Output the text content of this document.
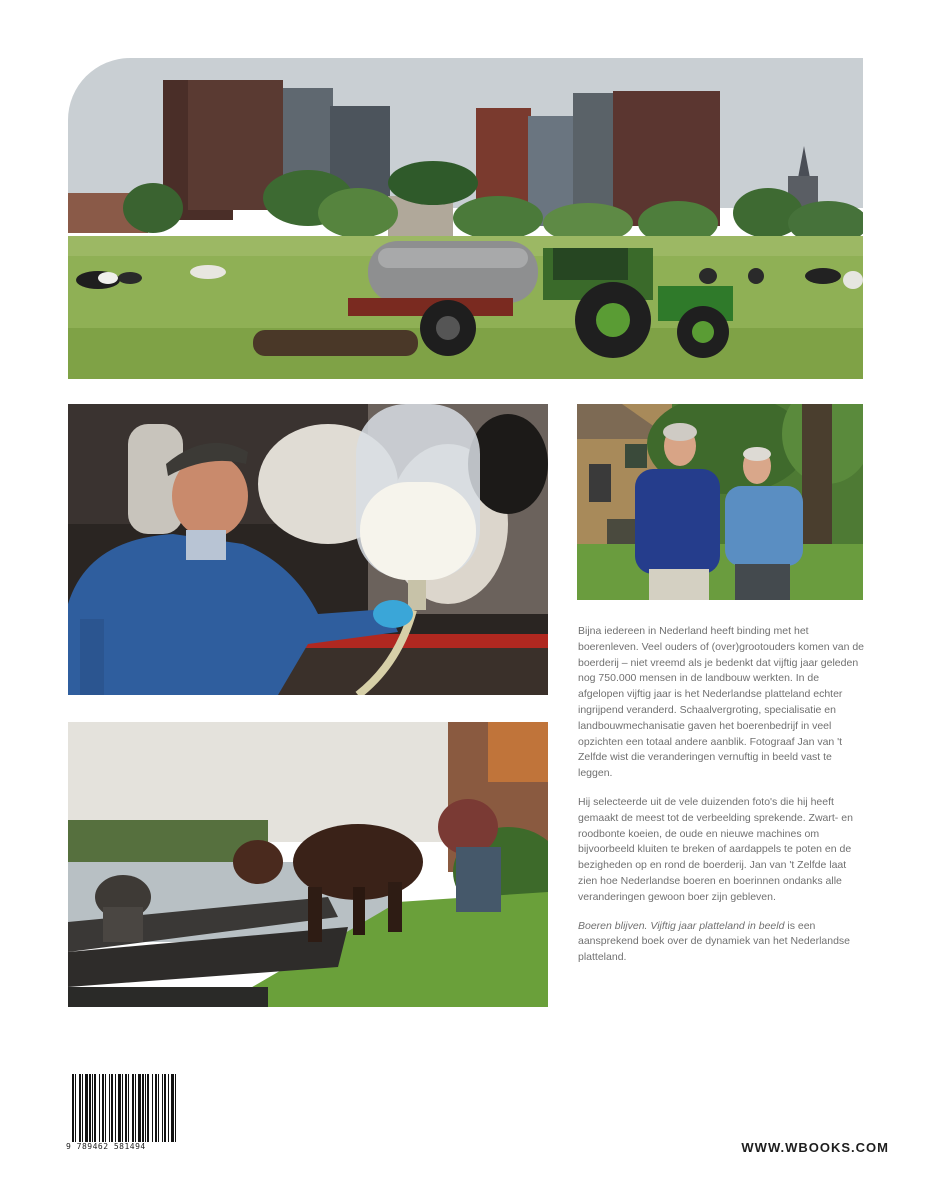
Bijna iedereen in Nederland heeft binding met het boerenleven. Veel ouders of (over)grootouders komen van de boerderij – niet vreemd als je bedenkt dat vijftig jaar geleden nog 750.000 mensen in de landbouw werkten. In de afgelopen vijftig jaar is het Nederlandse platteland echter ingrijpend veranderd. Schaalvergroting, specialisatie en landbouwmechanisatie gaven het boerenbedrijf in veel opzichten een totaal andere aanblik. Fotograaf Jan van 't Zelfde wist die veranderingen vernuftig in beeld vast te leggen.

Hij selecteerde uit de vele duizenden foto's die hij heeft gemaakt de meest tot de verbeelding sprekende. Zwart- en roodbonte koeien, de oude en nieuwe machines om bijvoorbeeld kluiten te breken of aardappels te poten en de bezigheden op en rond de boerderij. Jan van 't Zelfde laat zien hoe Nederlandse boeren en boerinnen ondanks alle veranderingen gewoon boer zijn gebleven.

Boeren blijven. Vijftig jaar platteland in beeld is een aansprekend boek over de dynamiek van het Nederlandse platteland.

9 789462 581494	WWW.WBOOKS.COM
